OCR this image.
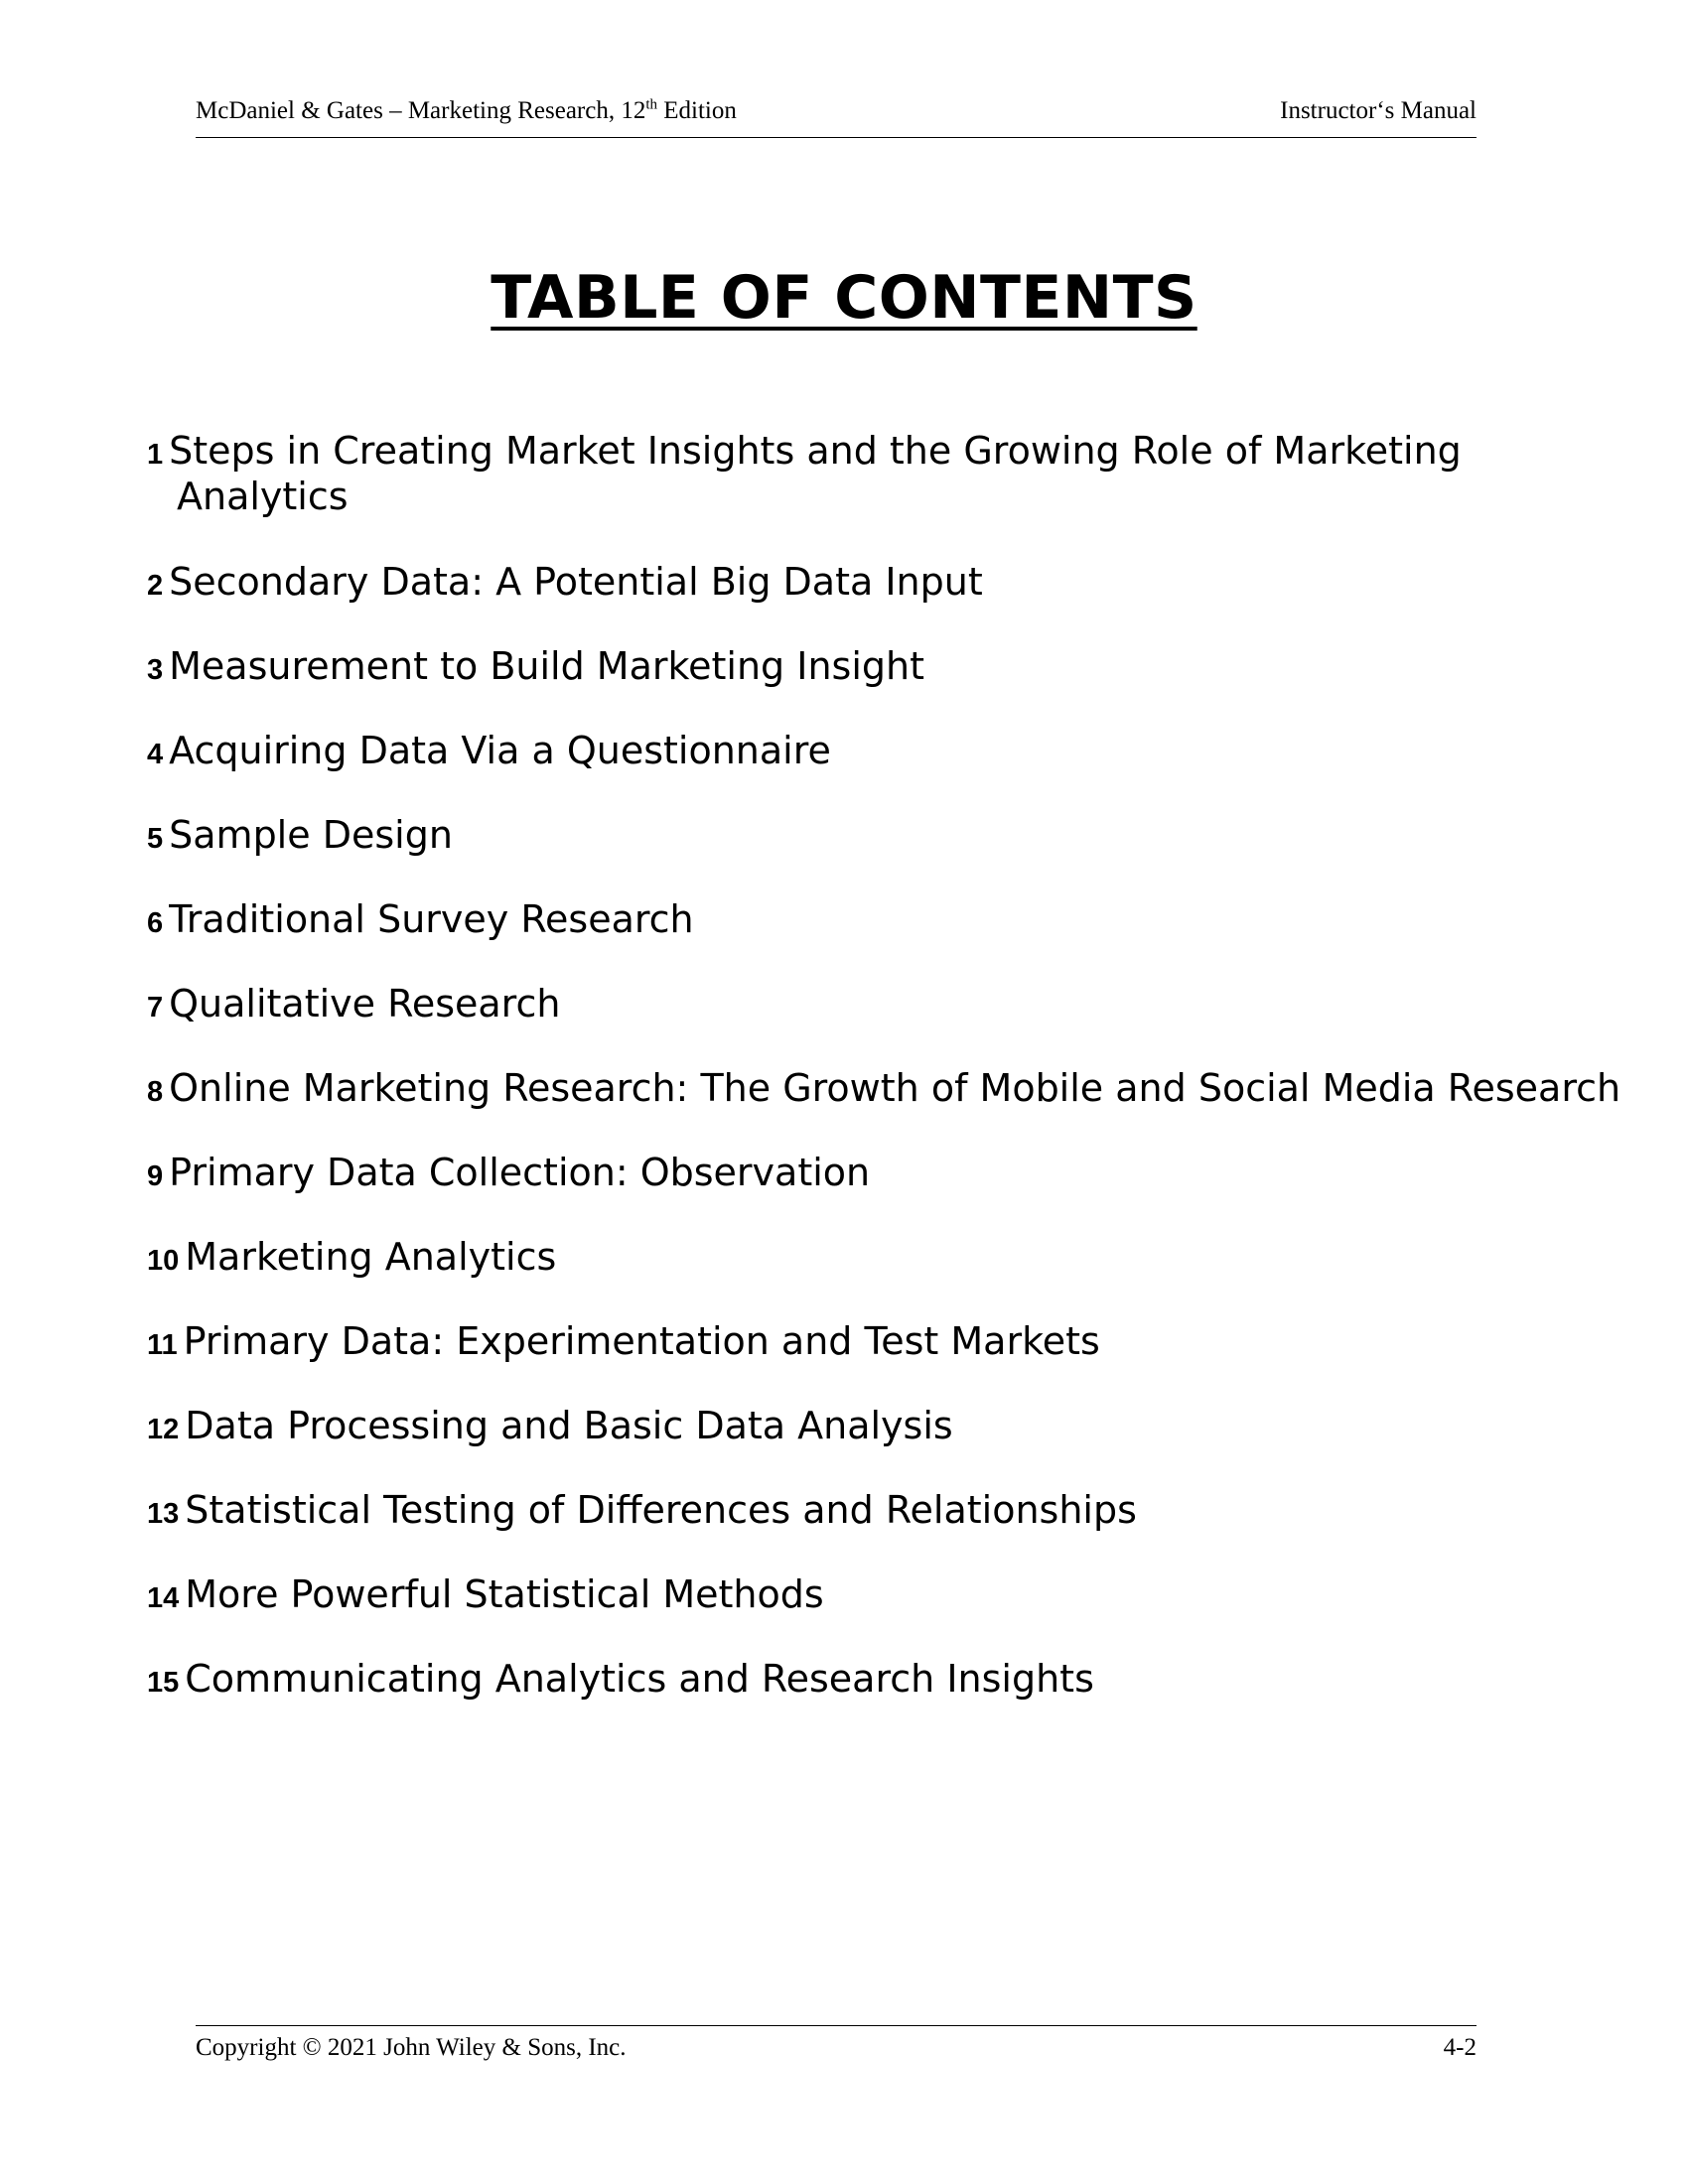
McDaniel & Gates – Marketing Research, 12th Edition	Instructor‘s Manual
TABLE OF CONTENTS
1 Steps in Creating Market Insights and the Growing Role of Marketing
Analytics
2 Secondary Data: A Potential Big Data Input
3 Measurement to Build Marketing Insight
4 Acquiring Data Via a Questionnaire
5 Sample Design
6 Traditional Survey Research
7 Qualitative Research
8 Online Marketing Research: The Growth of Mobile and Social Media Research
9 Primary Data Collection: Observation
10 Marketing Analytics
11 Primary Data: Experimentation and Test Markets
12 Data Processing and Basic Data Analysis
13 Statistical Testing of Differences and Relationships
14 More Powerful Statistical Methods
15 Communicating Analytics and Research Insights
Copyright © 2021 John Wiley & Sons, Inc.	4-2
